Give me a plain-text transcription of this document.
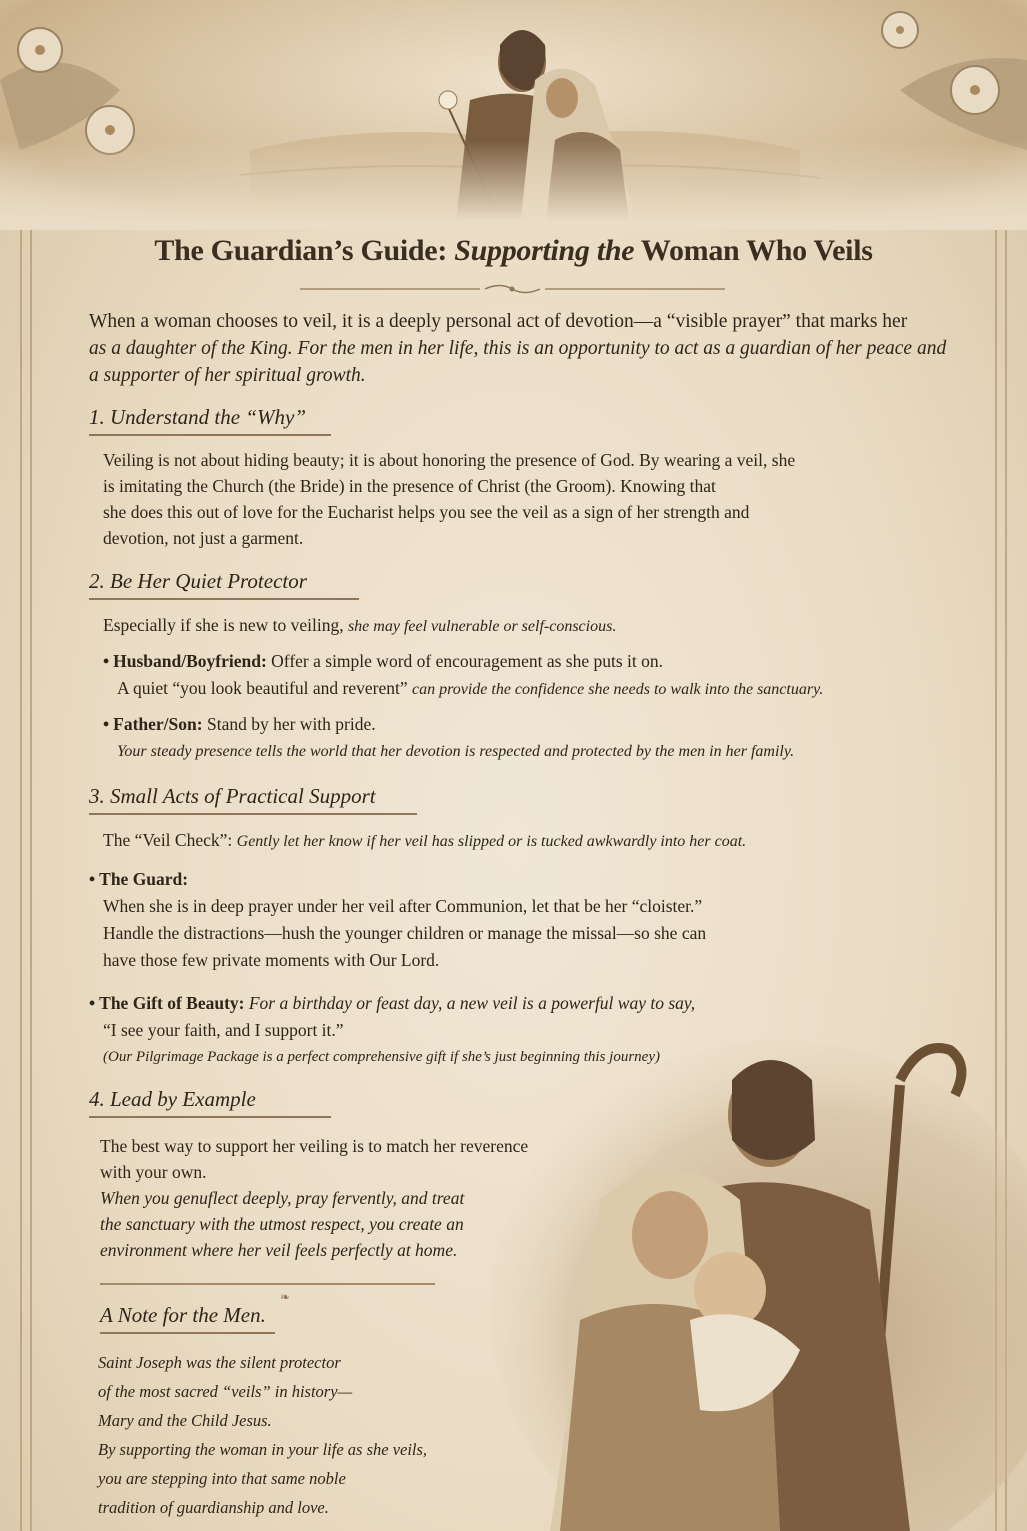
The Guardian’s Guide: Supporting the Woman Who Veils
When a woman chooses to veil, it is a deeply personal act of devotion—a “visible prayer” that marks her
as a daughter of the King. For the men in her life, this is an opportunity to act as a guardian of her peace and
a supporter of her spiritual growth.
1. Understand the “Why”
Veiling is not about hiding beauty; it is about honoring the presence of God. By wearing a veil, she
is imitating the Church (the Bride) in the presence of Christ (the Groom). Knowing that
she does this out of love for the Eucharist helps you see the veil as a sign of her strength and
devotion, not just a garment.
2. Be Her Quiet Protector
Especially if she is new to veiling, she may feel vulnerable or self-conscious.
• Husband/Boyfriend: Offer a simple word of encouragement as she puts it on.
A quiet “you look beautiful and reverent” can provide the confidence she needs to walk into the sanctuary.
• Father/Son: Stand by her with pride.
Your steady presence tells the world that her devotion is respected and protected by the men in her family.
3. Small Acts of Practical Support
The “Veil Check”: Gently let her know if her veil has slipped or is tucked awkwardly into her coat.
• The Guard:
When she is in deep prayer under her veil after Communion, let that be her “cloister.”
Handle the distractions—hush the younger children or manage the missal—so she can
have those few private moments with Our Lord.
• The Gift of Beauty: For a birthday or feast day, a new veil is a powerful way to say,
“I see your faith, and I support it.”
(Our Pilgrimage Package is a perfect comprehensive gift if she’s just beginning this journey)
4. Lead by Example
The best way to support her veiling is to match her reverence
with your own.
When you genuflect deeply, pray fervently, and treat
the sanctuary with the utmost respect, you create an
environment where her veil feels perfectly at home.
❧
A Note for the Men.
Saint Joseph was the silent protector
of the most sacred “veils” in history—
Mary and the Child Jesus.
By supporting the woman in your life as she veils,
you are stepping into that same noble
tradition of guardianship and love.
